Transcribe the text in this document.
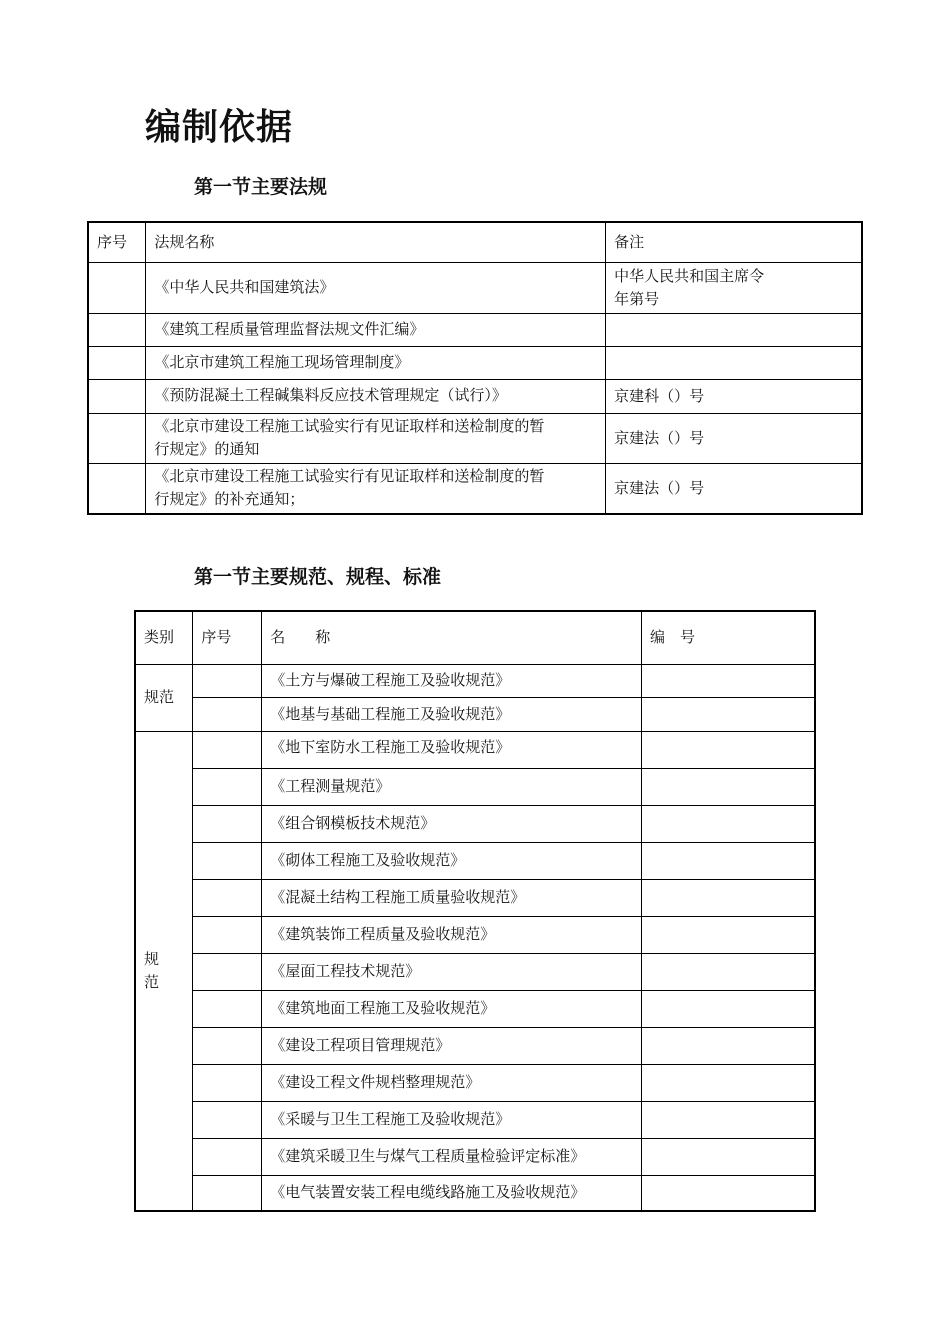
编制依据
第一节主要法规
序号	法规名称	备注
	《中华人民共和国建筑法》	中华人民共和国主席令
年第号

	《建筑工程质量管理监督法规文件汇编》	
	《北京市建筑工程施工现场管理制度》	
	《预防混凝土工程碱集料反应技术管理规定（试行）》	京建科（）号

	《北京市建设工程施工试验实行有见证取样和送检制度的暂
行规定》的通知	京建法（）号

	《北京市建设工程施工试验实行有见证取样和送检制度的暂
行规定》的补充通知；	京建法（）号
第一节主要规范、规程、标准
类别	序号	名　　称	编　号
规范		《土方与爆破工程施工及验收规范》	
		《地基与基础工程施工及验收规范》	

规
范		《地下室防水工程施工及验收规范》	
		《工程测量规范》	
		《组合钢模板技术规范》	
		《砌体工程施工及验收规范》	
		《混凝土结构工程施工质量验收规范》	
		《建筑装饰工程质量及验收规范》	
		《屋面工程技术规范》	
		《建筑地面工程施工及验收规范》	
		《建设工程项目管理规范》	
		《建设工程文件规档整理规范》	
		《采暖与卫生工程施工及验收规范》	
		《建筑采暖卫生与煤气工程质量检验评定标准》	
		《电气装置安装工程电缆线路施工及验收规范》	
